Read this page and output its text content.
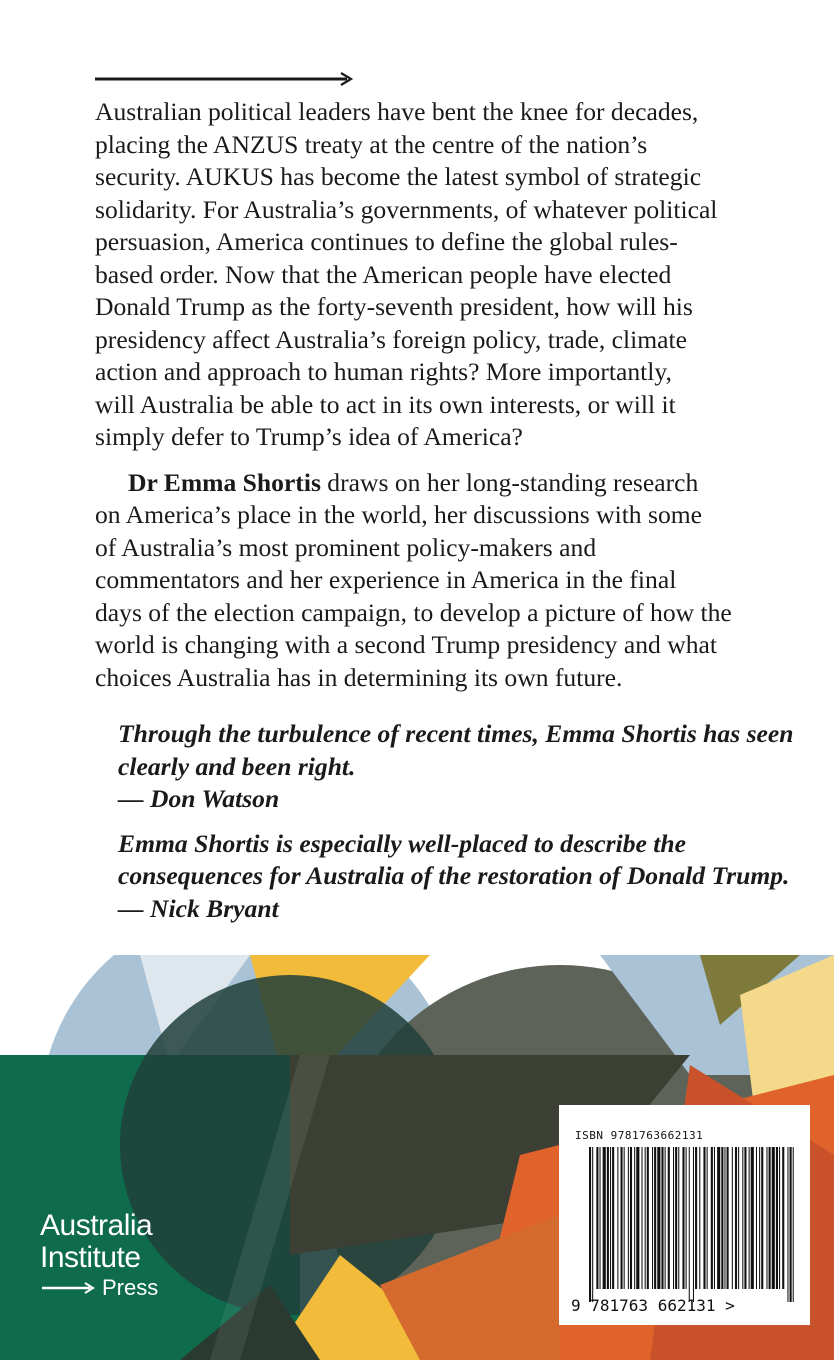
Australian political leaders have bent the knee for decades,
placing the ANZUS treaty at the centre of the nation’s
security. AUKUS has become the latest symbol of strategic
solidarity. For Australia’s governments, of whatever political
persuasion, America continues to define the global rules-
based order. Now that the American people have elected
Donald Trump as the forty-seventh president, how will his
presidency affect Australia’s foreign policy, trade, climate
action and approach to human rights? More importantly,
will Australia be able to act in its own interests, or will it
simply defer to Trump’s idea of America?

Dr Emma Shortis draws on her long-standing research
on America’s place in the world, her discussions with some
of Australia’s most prominent policy-makers and
commentators and her experience in America in the final
days of the election campaign, to develop a picture of how the
world is changing with a second Trump presidency and what
choices Australia has in determining its own future.

Through the turbulence of recent times, Emma Shortis has seen
clearly and been right.
— Don Watson
Emma Shortis is especially well-placed to describe the
consequences for Australia of the restoration of Donald Trump.
— Nick Bryant
Australia
Institute
Press
ISBN 9781763662131
9 781763 662131 >
